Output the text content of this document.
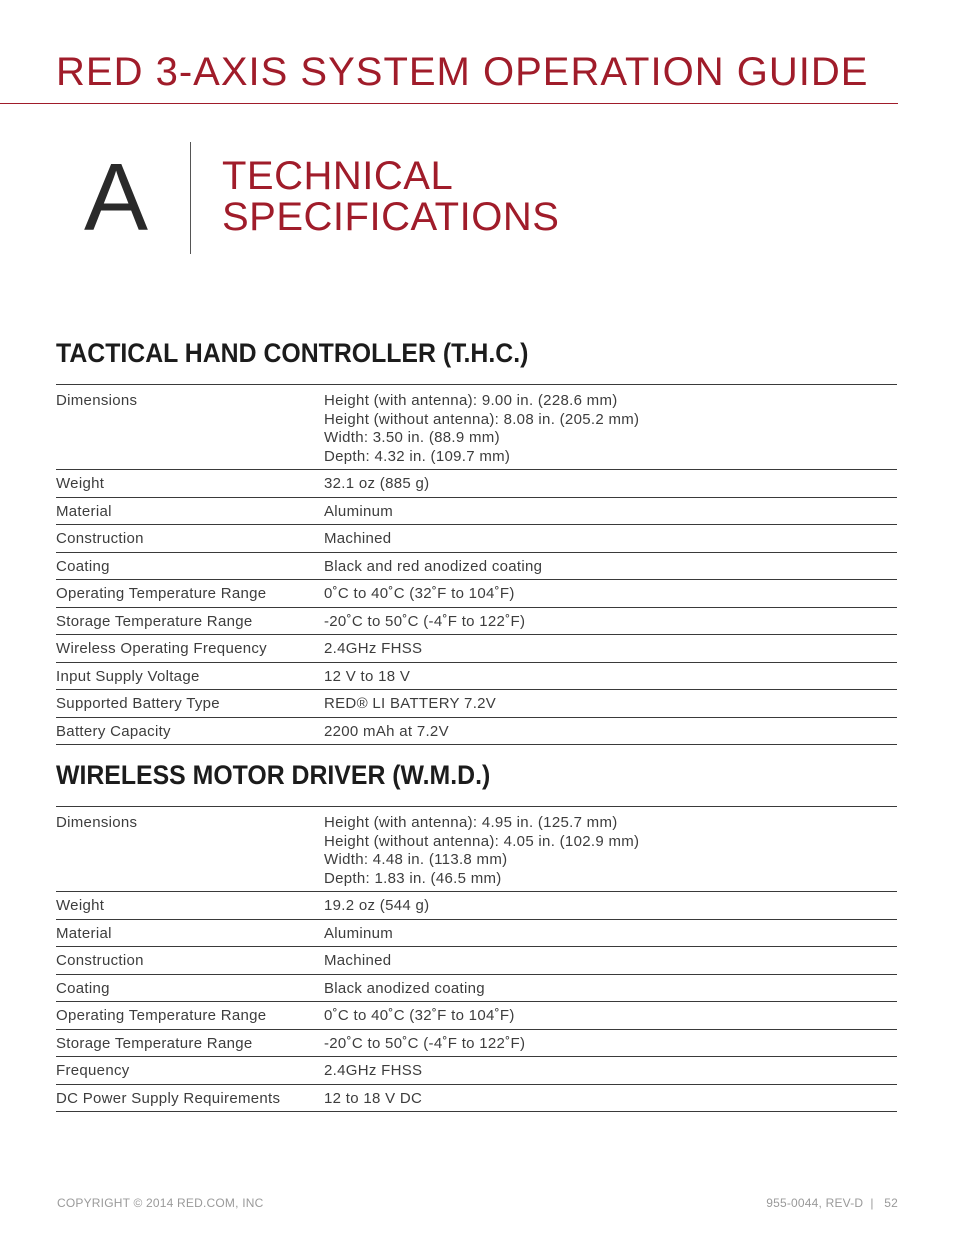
RED 3-AXIS SYSTEM OPERATION GUIDE
A TECHNICAL
SPECIFICATIONS
TACTICAL HAND CONTROLLER (T.H.C.)
Dimensions	Height (with antenna): 9.00 in. (228.6 mm)
Height (without antenna): 8.08 in. (205.2 mm)
Width: 3.50 in. (88.9 mm)
Depth: 4.32 in. (109.7 mm)

Weight	32.1 oz (885 g)

Material	Aluminum

Construction	Machined

Coating	Black and red anodized coating

Operating Temperature Range	0˚C to 40˚C (32˚F to 104˚F)

Storage Temperature Range	-20˚C to 50˚C (-4˚F to 122˚F)

Wireless Operating Frequency	2.4GHz FHSS

Input Supply Voltage	12 V to 18 V

Supported Battery Type	RED® LI BATTERY 7.2V

Battery Capacity	2200 mAh at 7.2V
WIRELESS MOTOR DRIVER (W.M.D.)
Dimensions	Height (with antenna): 4.95 in. (125.7 mm)
Height (without antenna): 4.05 in. (102.9 mm)
Width: 4.48 in. (113.8 mm)
Depth: 1.83 in. (46.5 mm)

Weight	19.2 oz (544 g)

Material	Aluminum

Construction	Machined

Coating	Black anodized coating

Operating Temperature Range	0˚C to 40˚C (32˚F to 104˚F)

Storage Temperature Range	-20˚C to 50˚C (-4˚F to 122˚F)

Frequency	2.4GHz FHSS

DC Power Supply Requirements	12 to 18 V DC
COPYRIGHT © 2014 RED.COM, INC	955-0044, REV-D  |   52
